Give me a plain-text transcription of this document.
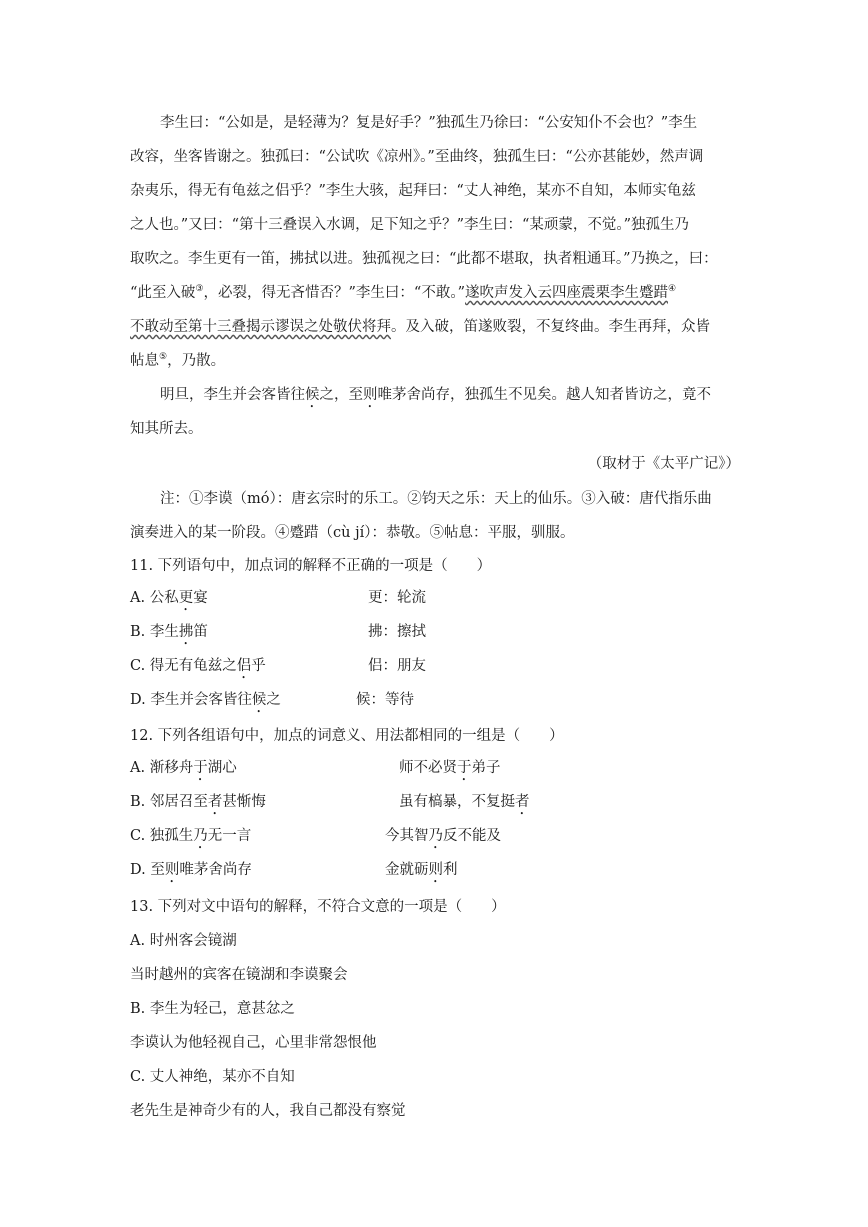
李生曰：“公如是，是轻薄为？复是好手？”独孤生乃徐曰：“公安知仆不会也？”李生
改容，坐客皆谢之。独孤曰：“公试吹《凉州》。”至曲终，独孤生曰：“公亦甚能妙，然声调
杂夷乐，得无有龟兹之侣乎？”李生大骇，起拜曰：“丈人神绝，某亦不自知，本师实龟兹
之人也。”又曰：“第十三叠误入水调，足下知之乎？”李生曰：“某顽蒙，不觉。”独孤生乃
取吹之。李生更有一笛，拂拭以进。独孤视之曰：“此都不堪取，执者粗通耳。”乃换之，曰：
“此至入破③，必裂，得无吝惜否？”李生曰：“不敢。”遂吹声发入云四座震栗李生蹙踖④
不敢动至第十三叠揭示谬误之处敬伏将拜。及入破，笛遂败裂，不复终曲。李生再拜，众皆
帖息⑤，乃散。
明旦，李生并会客皆往候之，至则唯茅舍尚存，独孤生不见矣。越人知者皆访之，竟不
知其所去。
（取材于《太平广记》）
注：①李谟（mó）：唐玄宗时的乐工。②钧天之乐：天上的仙乐。③入破：唐代指乐曲
演奏进入的某一阶段。④蹙踖（cù jí）：恭敬。⑤帖息：平服，驯服。
11. 下列语句中，加点词的解释不正确的一项是（　　）
A. 公私更宴	更：轮流
B. 李生拂笛	拂：擦拭
C. 得无有龟兹之侣乎	侣：朋友
D. 李生并会客皆往候之	候：等待
12. 下列各组语句中，加点的词意义、用法都相同的一组是（　　）
A. 渐移舟于湖心	师不必贤于弟子
B. 邻居召至者甚惭悔	虽有槁暴，不复挺者
C. 独孤生乃无一言	今其智乃反不能及
D. 至则唯茅舍尚存	金就砺则利
13. 下列对文中语句的解释，不符合文意的一项是（　　）
A. 时州客会镜湖
当时越州的宾客在镜湖和李谟聚会
B. 李生为轻己，意甚忿之
李谟认为他轻视自己，心里非常怨恨他
C. 丈人神绝，某亦不自知
老先生是神奇少有的人，我自己都没有察觉
